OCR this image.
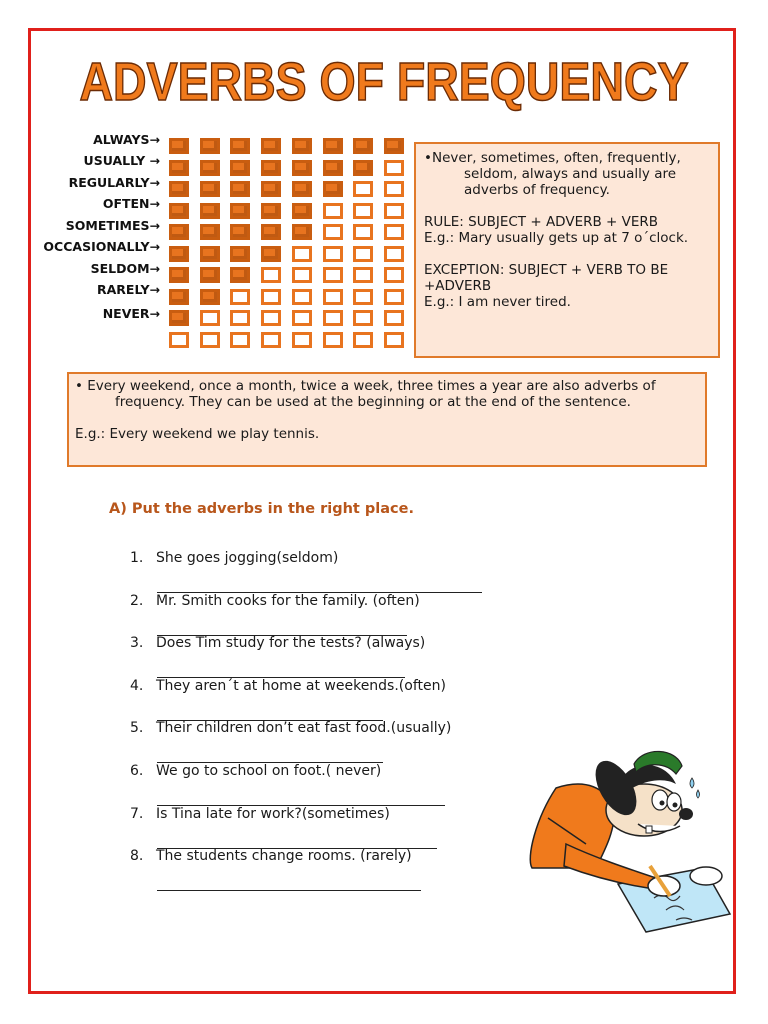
ADVERBS OF FREQUENCY
ALWAYS→
USUALLY →
REGULARLY→
OFTEN→
SOMETIMES→
OCCASIONALLY→
SELDOM→
RARELY→
NEVER→

• Never, sometimes, often, frequently,
seldom, always and usually are
adverbs of frequency.

RULE: SUBJECT + ADVERB + VERB

E.g.: Mary usually gets up at 7 o´clock.

EXCEPTION: SUBJECT + VERB TO BE

+ADVERB

E.g.: I am never tired.

• Every weekend, once a month, twice a week, three times a year are also adverbs of

frequency. They can be used at the beginning or at the end of the sentence.

E.g.: Every weekend we play tennis.

A) Put the adverbs in the right place.
1. She goes jogging(seldom)
2. Mr. Smith cooks for the family. (often)
3. Does Tim study for the tests? (always)
4. They aren´t at home at weekends.(often)
5. Their children don’t eat fast food.(usually)
6. We go to school on foot.( never)
7. Is Tina late for work?(sometimes)
8. The students change rooms. (rarely)
